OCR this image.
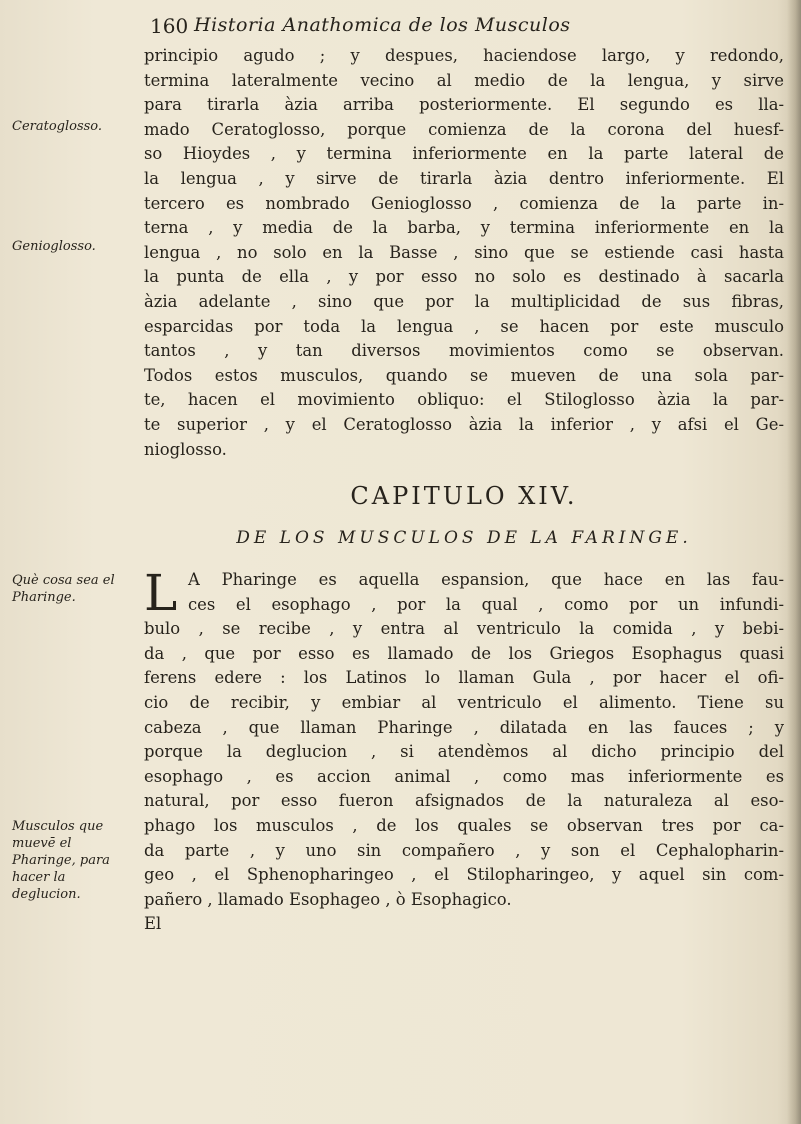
160 Historia Anathomica de los Musculos
Ceratoglosso.
Genioglosso.
Què cosa sea el Pharinge.
Musculos que muevē el Pharinge, para hacer la deglucion.
principio agudo ; y despues, haciendose largo, y redondo,
termina lateralmente vecino al medio de la lengua, y sirve
para tirarla àzia arriba posteriormente. El segundo es lla-
mado Ceratoglosso, porque comienza de la corona del huesf-
so Hioydes , y termina inferiormente en la parte lateral de
la lengua , y sirve de tirarla àzia dentro inferiormente. El
tercero es nombrado Genioglosso , comienza de la parte in-
terna , y media de la barba, y termina inferiormente en la
lengua , no solo en la Basse , sino que se estiende casi hasta
la punta de ella , y por esso no solo es destinado à sacarla
àzia adelante , sino que por la multiplicidad de sus fibras,
esparcidas por toda la lengua , se hacen por este musculo
tantos , y tan diversos movimientos como se observan.
Todos estos musculos, quando se mueven de una sola par-
te, hacen el movimiento obliquo: el Stiloglosso àzia la par-
te superior , y el Ceratoglosso àzia la inferior , y afsi el Ge-
nioglosso.
CAPITULO XIV.
DE LOS MUSCULOS DE LA FARINGE.
L A Pharinge es aquella espansion, que hace en las fau-
ces el esophago , por la qual , como por un infundi-
bulo , se recibe , y entra al ventriculo la comida , y bebi-
da , que por esso es llamado de los Griegos Esophagus quasi
ferens edere : los Latinos lo llaman Gula , por hacer el ofi-
cio de recibir, y embiar al ventriculo el alimento. Tiene su
cabeza , que llaman Pharinge , dilatada en las fauces ; y
porque la deglucion , si atendèmos al dicho principio del
esophago , es accion animal , como mas inferiormente es
natural, por esso fueron afsignados de la naturaleza al eso-
phago los musculos , de los quales se observan tres por ca-
da parte , y uno sin compañero , y son el Cephalopharin-
geo , el Sphenopharingeo , el Stilopharingeo, y aquel sin com-
pañero , llamado Esophageo , ò Esophagico.
El
